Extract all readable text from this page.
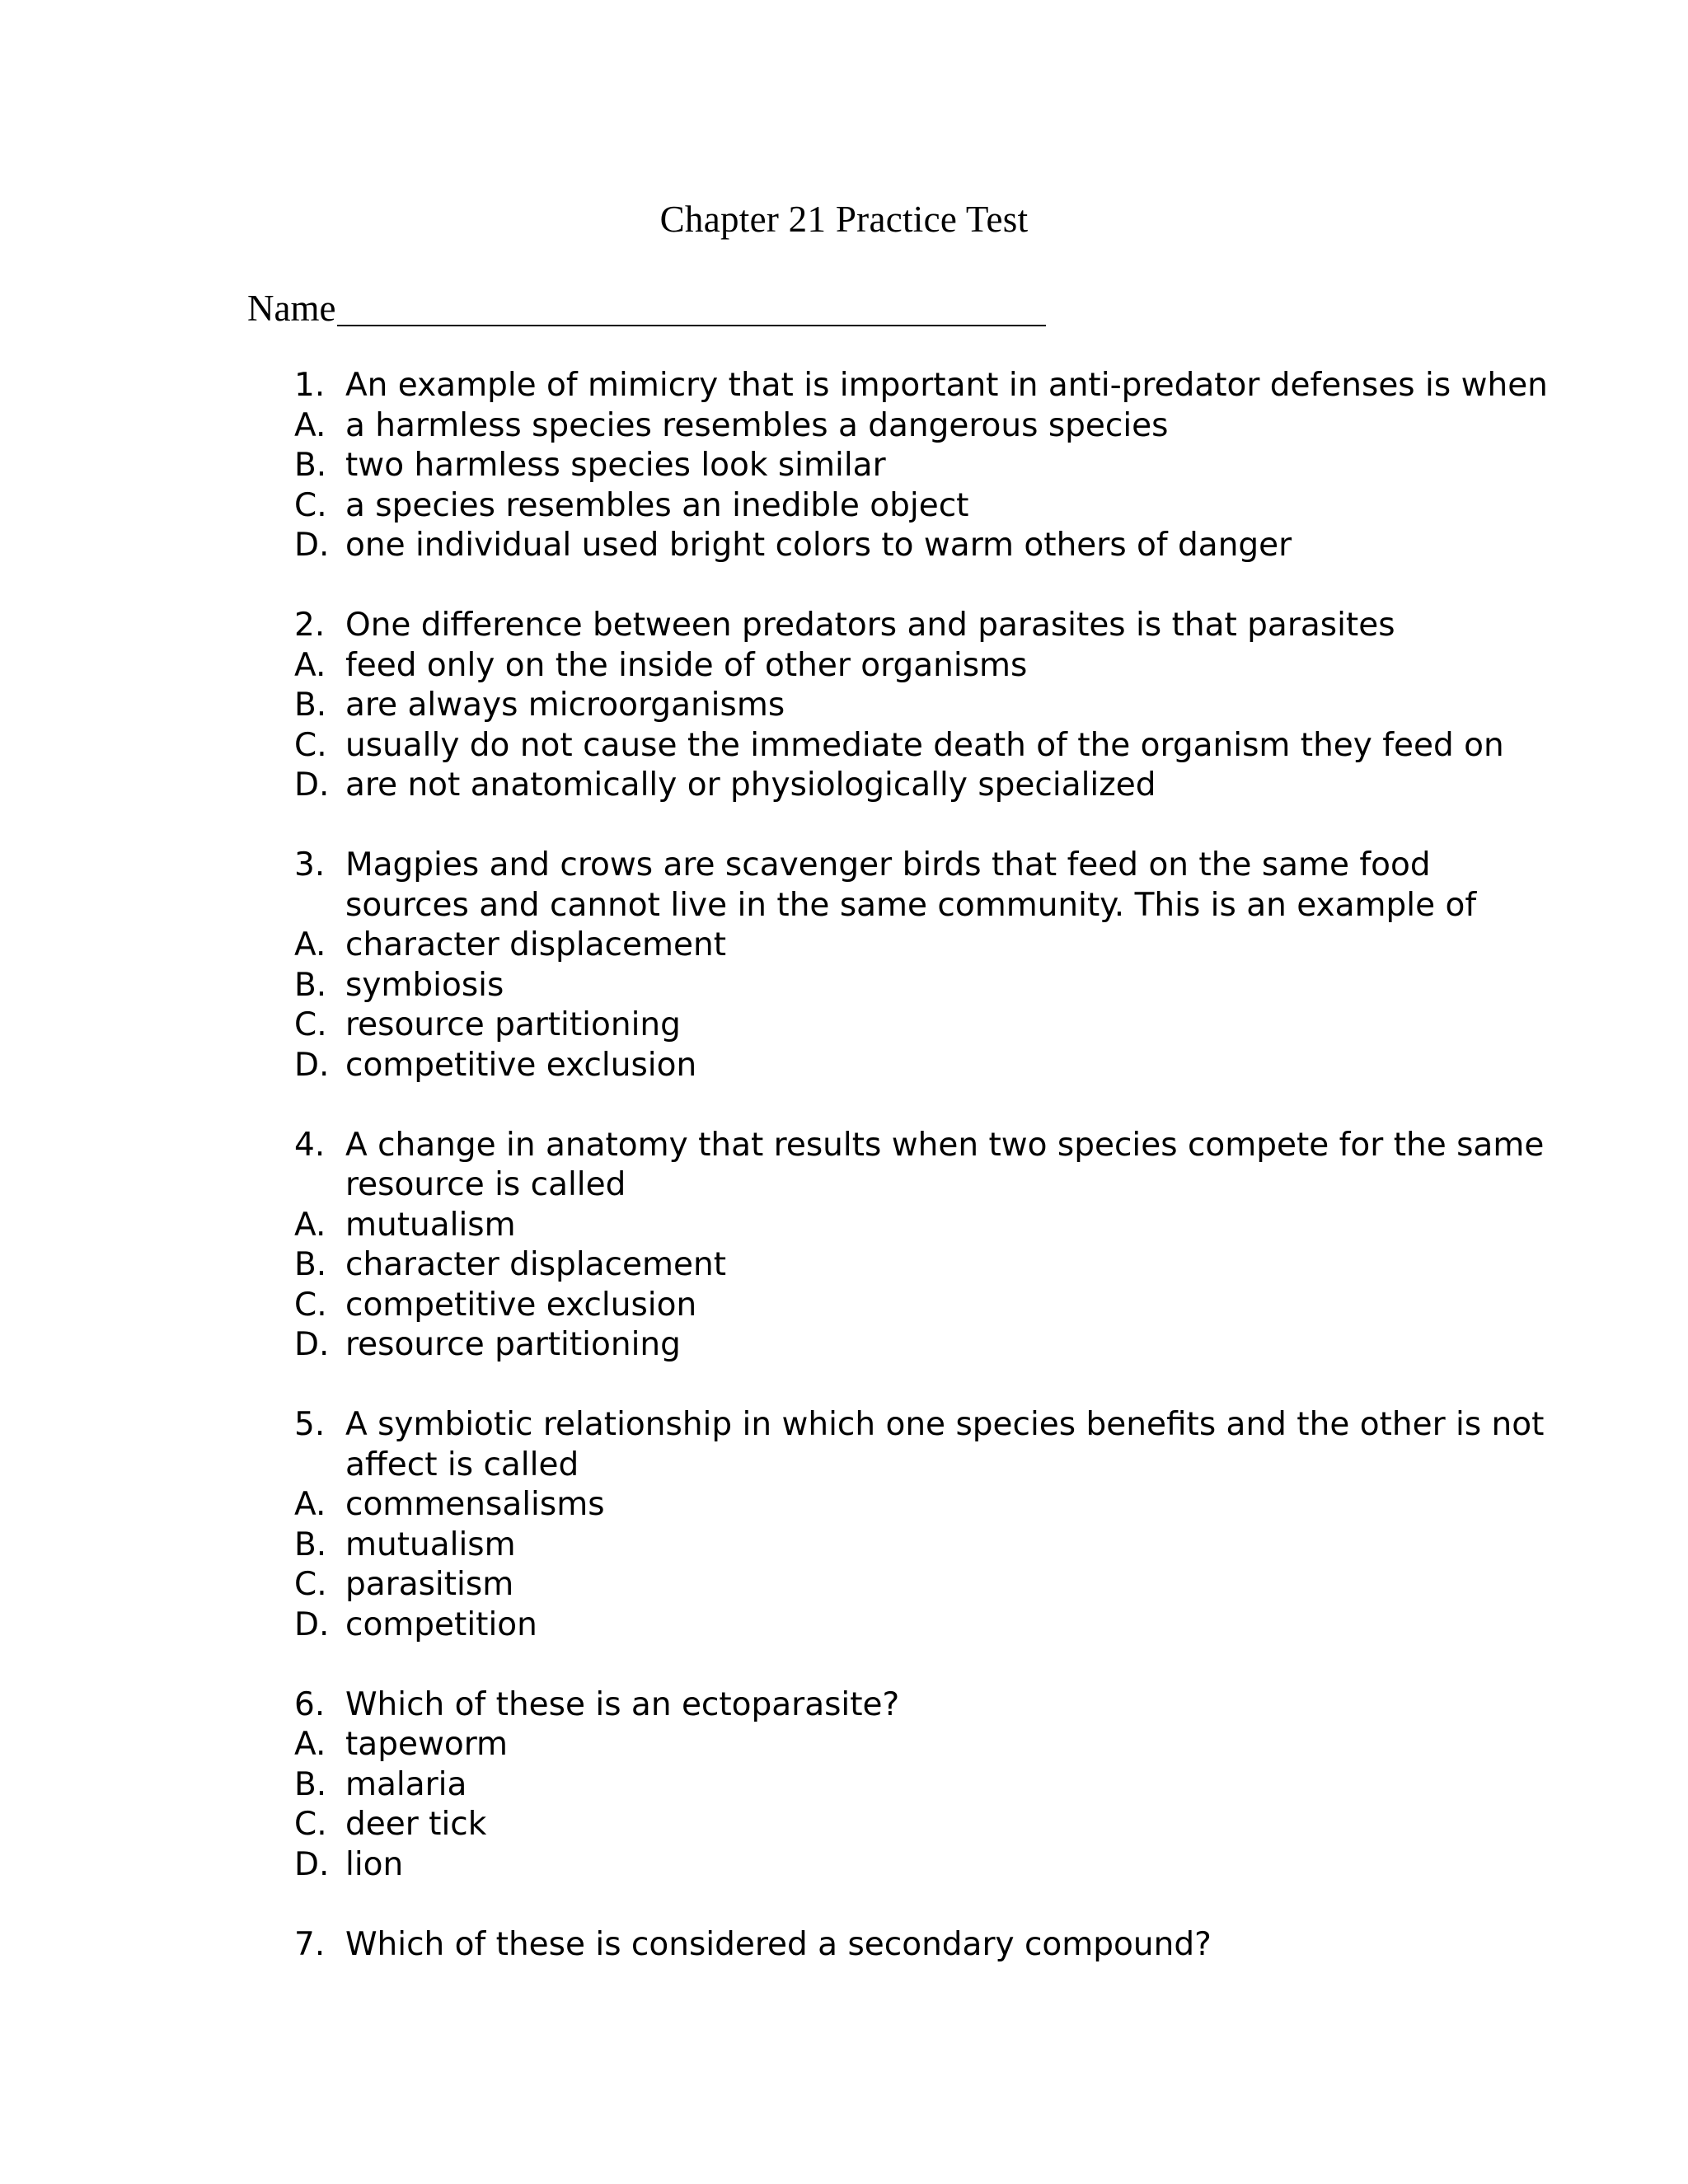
Chapter 21 Practice Test
Name
1. An example of mimicry that is important in anti-predator defenses is when
A. a harmless species resembles a dangerous species
B. two harmless species look similar
C. a species resembles an inedible object
D. one individual used bright colors to warm others of danger
2. One difference between predators and parasites is that parasites
A. feed only on the inside of other organisms
B. are always microorganisms
C. usually do not cause the immediate death of the organism they feed on
D. are not anatomically or physiologically specialized
3. Magpies and crows are scavenger birds that feed on the same food
sources and cannot live in the same community. This is an example of
A. character displacement
B. symbiosis
C. resource partitioning
D. competitive exclusion
4. A change in anatomy that results when two species compete for the same
resource is called
A. mutualism
B. character displacement
C. competitive exclusion
D. resource partitioning
5. A symbiotic relationship in which one species benefits and the other is not
affect is called
A. commensalisms
B. mutualism
C. parasitism
D. competition
6. Which of these is an ectoparasite?
A. tapeworm
B. malaria
C. deer tick
D. lion
7. Which of these is considered a secondary compound?
